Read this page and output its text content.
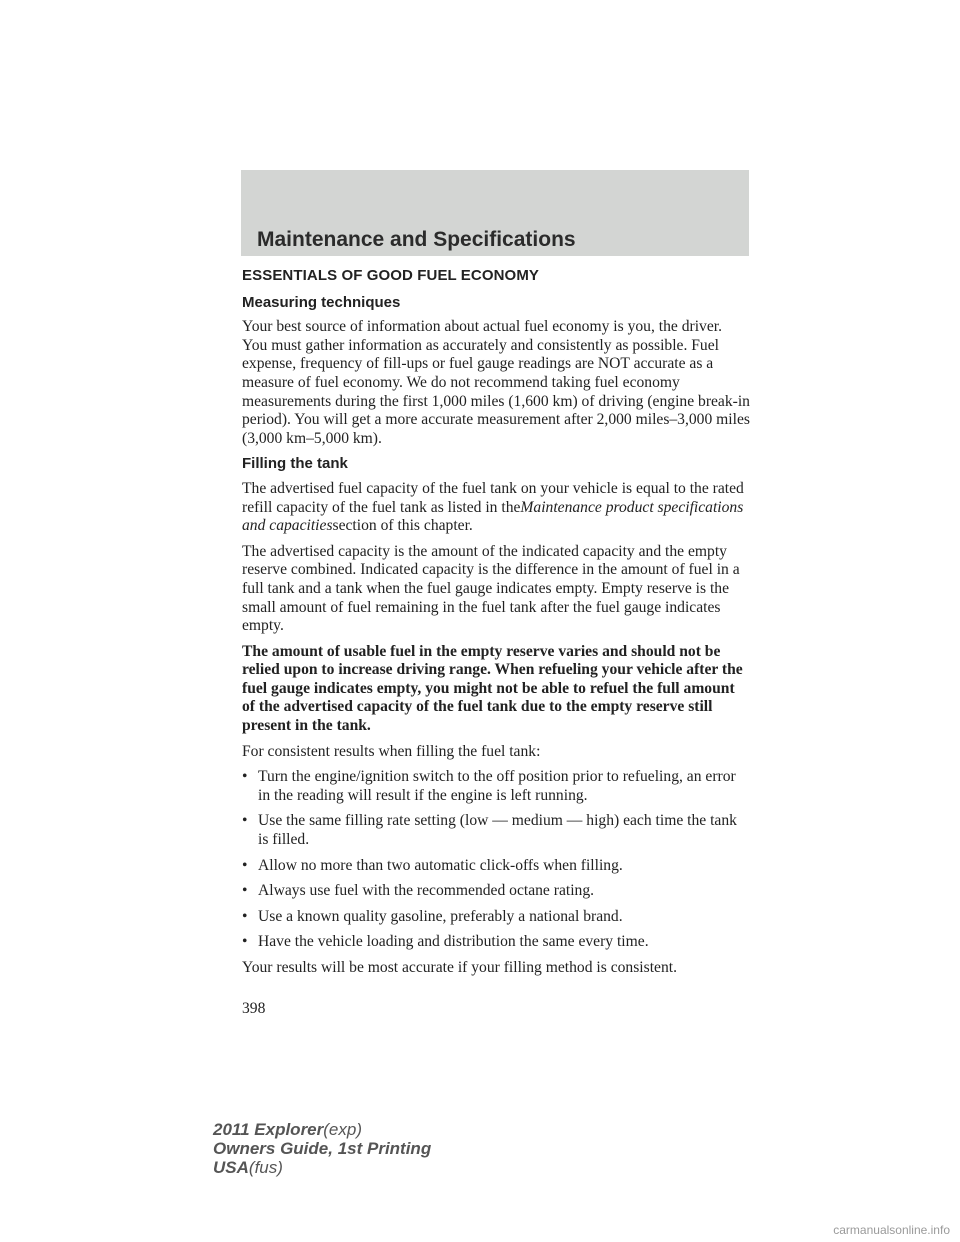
Maintenance and Specifications
ESSENTIALS OF GOOD FUEL ECONOMY
Measuring techniques

Your best source of information about actual fuel economy is you, the driver. You must gather information as accurately and consistently as possible. Fuel expense, frequency of fill-ups or fuel gauge readings are NOT accurate as a measure of fuel economy. We do not recommend taking fuel economy measurements during the first 1,000 miles (1,600 km) of driving (engine break-in period). You will get a more accurate measurement after 2,000 miles–3,000 miles (3,000 km–5,000 km).

Filling the tank

The advertised fuel capacity of the fuel tank on your vehicle is equal to the rated refill capacity of the fuel tank as listed in theMaintenance product specifications and capacitiessection of this chapter.

The advertised capacity is the amount of the indicated capacity and the empty reserve combined. Indicated capacity is the difference in the amount of fuel in a full tank and a tank when the fuel gauge indicates empty. Empty reserve is the small amount of fuel remaining in the fuel tank after the fuel gauge indicates empty.

The amount of usable fuel in the empty reserve varies and should not be relied upon to increase driving range. When refueling your vehicle after the fuel gauge indicates empty, you might not be able to refuel the full amount of the advertised capacity of the fuel tank due to the empty reserve still present in the tank.

For consistent results when filling the fuel tank:

• Turn the engine/ignition switch to the off position prior to refueling, an error in the reading will result if the engine is left running.
• Use the same filling rate setting (low — medium — high) each time the tank is filled.
• Allow no more than two automatic click-offs when filling.
• Always use fuel with the recommended octane rating.
• Use a known quality gasoline, preferably a national brand.
• Have the vehicle loading and distribution the same every time.

Your results will be most accurate if your filling method is consistent.

398
2011 Explorer(exp)
Owners Guide, 1st Printing
USA(fus)
carmanualsonline.info
